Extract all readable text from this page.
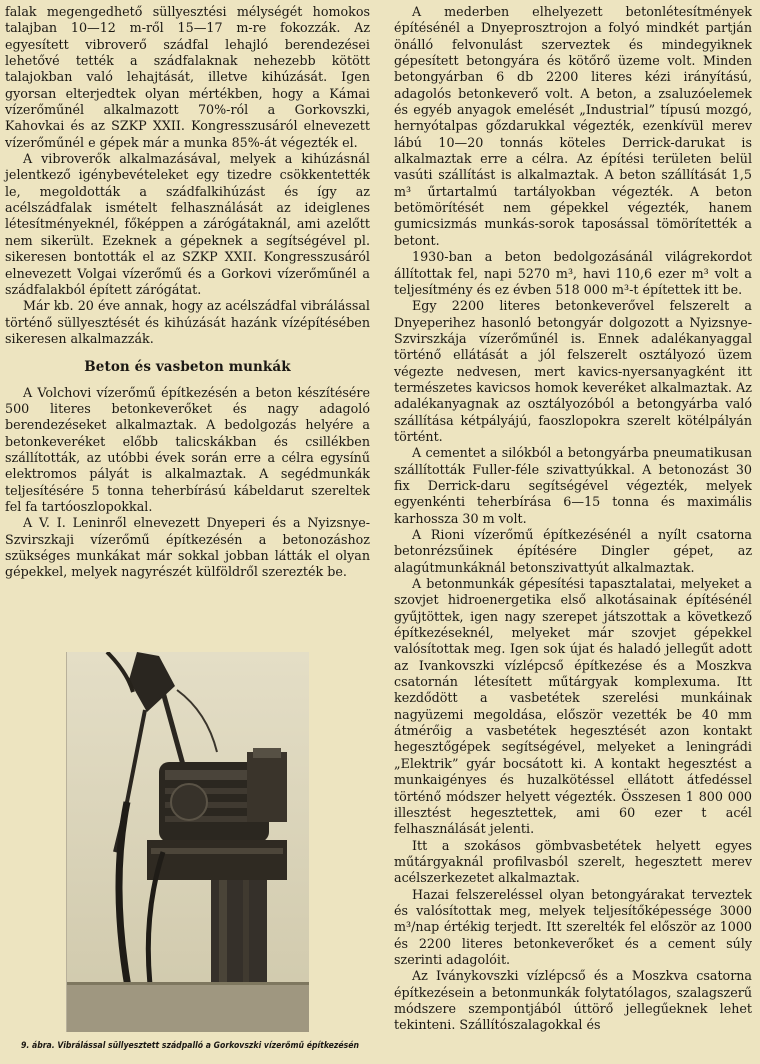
falak megengedhető süllyesztési mélységét homokos talajban 10—12 m-ről 15—17 m-re fokozzák. Az egyesített vibroverő szádfal lehajló berendezései lehetővé tették a szádfalaknak nehezebb kötött talajokban való lehajtását, illetve kihúzását. Igen gyorsan elterjedtek olyan mértékben, hogy a Kámai vízerőműnél alkalmazott 70%-ról a Gorkovszki, Kahovkai és az SZKP XXII. Kongresszusáról elnevezett vízerőműnél e gépek már a munka 85%-át végezték el.

A vibroverők alkalmazásával, melyek a kihúzásnál jelentkező igénybevételeket egy tizedre csökkentették le, megoldották a szádfalkihúzást és így az acélszádfalak ismételt felhasználását az ideiglenes létesítményeknél, főképpen a zárógátaknál, ami azelőtt nem sikerült. Ezeknek a gépeknek a segítségével pl. sikeresen bontották el az SZKP XXII. Kongresszusáról elnevezett Volgai vízerőmű és a Gorkovi vízerőműnél a szádfalakból épített zárógátat.

Már kb. 20 éve annak, hogy az acélszádfal vibrálással történő süllyesztését és kihúzását hazánk vízépítésében sikeresen alkalmazzák.

Beton és vasbeton munkák

A Volchovi vízerőmű építkezésén a beton készítésére 500 literes betonkeverőket és nagy adagoló berendezéseket alkalmaztak. A bedolgozás helyére a betonkeveréket előbb talicskákban és csillékben szállították, az utóbbi évek során erre a célra egysínű elektromos pályát is alkalmaztak. A segédmunkák teljesítésére 5 tonna teherbírású kábeldarut szereltek fel fa tartóoszlopokkal.

A V. I. Leninről elnevezett Dnyeperi és a Nyizsnye-Szvirszkaji vízerőmű építkezésén a betonozáshoz szükséges munkákat már sokkal jobban látták el olyan gépekkel, melyek nagyrészét külföldről szerezték be.

9. ábra. Vibrálással süllyesztett szádpalló a Gorkovszki vízerőmű építkezésén

A mederben elhelyezett betonlétesítmények építésénél a Dnyeprosztrojon a folyó mindkét partján önálló felvonulást szerveztek és mindegyiknek gépesített betongyára és kötőrő üzeme volt. Minden betongyárban 6 db 2200 literes kézi irányítású, adagolós betonkeverő volt. A beton, a zsaluzóelemek és egyéb anyagok emelését „Industrial” típusú mozgó, hernyótalpas gőzdarukkal végezték, ezenkívül merev lábú 10—20 tonnás köteles Derrick-darukat is alkalmaztak erre a célra. Az építési területen belül vasúti szállítást is alkalmaztak. A beton szállítását 1,5 m³ űrtartalmú tartályokban végezték. A beton betömörítését nem gépekkel végezték, hanem gumicsizmás munkás-sorok taposással tömörítették a betont.

1930-ban a beton bedolgozásánál világrekordot állítottak fel, napi 5270 m³, havi 110,6 ezer m³ volt a teljesítmény és ez évben 518 000 m³-t építettek itt be.

Egy 2200 literes betonkeverővel felszerelt a Dnyeperihez hasonló betongyár dolgozott a Nyizsnye-Szvirszkája vízerőműnél is. Ennek adalékanyaggal történő ellátását a jól felszerelt osztályozó üzem végezte nedvesen, mert kavics-nyersanyagként itt természetes kavicsos homok keveréket alkalmaztak. Az adalékanyagnak az osztályozóból a betongyárba való szállítása kétpályájú, faoszlopokra szerelt kötélpályán történt.

A cementet a silókból a betongyárba pneumatikusan szállították Fuller-féle szivattyúkkal. A betonozást 30 fix Derrick-daru segítségével végezték, melyek egyenkénti teherbírása 6—15 tonna és maximális karhossza 30 m volt.

A Rioni vízerőmű építkezésénél a nyílt csatorna betonrézsűinek építésére Dingler gépet, az alagútmunkáknál betonszivattyút alkalmaztak.

A betonmunkák gépesítési tapasztalatai, melyeket a szovjet hidroenergetika első alkotásainak építésénél gyűjtöttek, igen nagy szerepet játszottak a következő építkezéseknél, melyeket már szovjet gépekkel valósítottak meg. Igen sok újat és haladó jellegűt adott az Ivankovszki vízlépcső építkezése és a Moszkva csatornán létesített műtárgyak komplexuma. Itt kezdődött a vasbetétek szerelési munkáinak nagyüzemi megoldása, először vezették be 40 mm átmérőig a vasbetétek hegesztését azon kontakt hegesztőgépek segítségével, melyeket a leningrádi „Elektrik” gyár bocsátott ki. A kontakt hegesztést a munkaigényes és huzalkötéssel ellátott átfedéssel történő módszer helyett végezték. Összesen 1 800 000 illesztést hegesztettek, ami 60 ezer t acél felhasználását jelenti.

Itt a szokásos gömbvasbetétek helyett egyes műtárgyaknál profilvasból szerelt, hegesztett merev acélszerkezetet alkalmaztak.

Hazai felszereléssel olyan betongyárakat terveztek és valósítottak meg, melyek teljesítőképessége 3000 m³/nap értékig terjedt. Itt szerelték fel először az 1000 és 2200 literes betonkeverőket és a cement súly szerinti adagolóit.

Az Iványkovszki vízlépcső és a Moszkva csatorna építkezésein a betonmunkák folytatólagos, szalagszerű módszere szempontjából úttörő jellegűeknek lehet tekinteni. Szállítószalagokkal és
